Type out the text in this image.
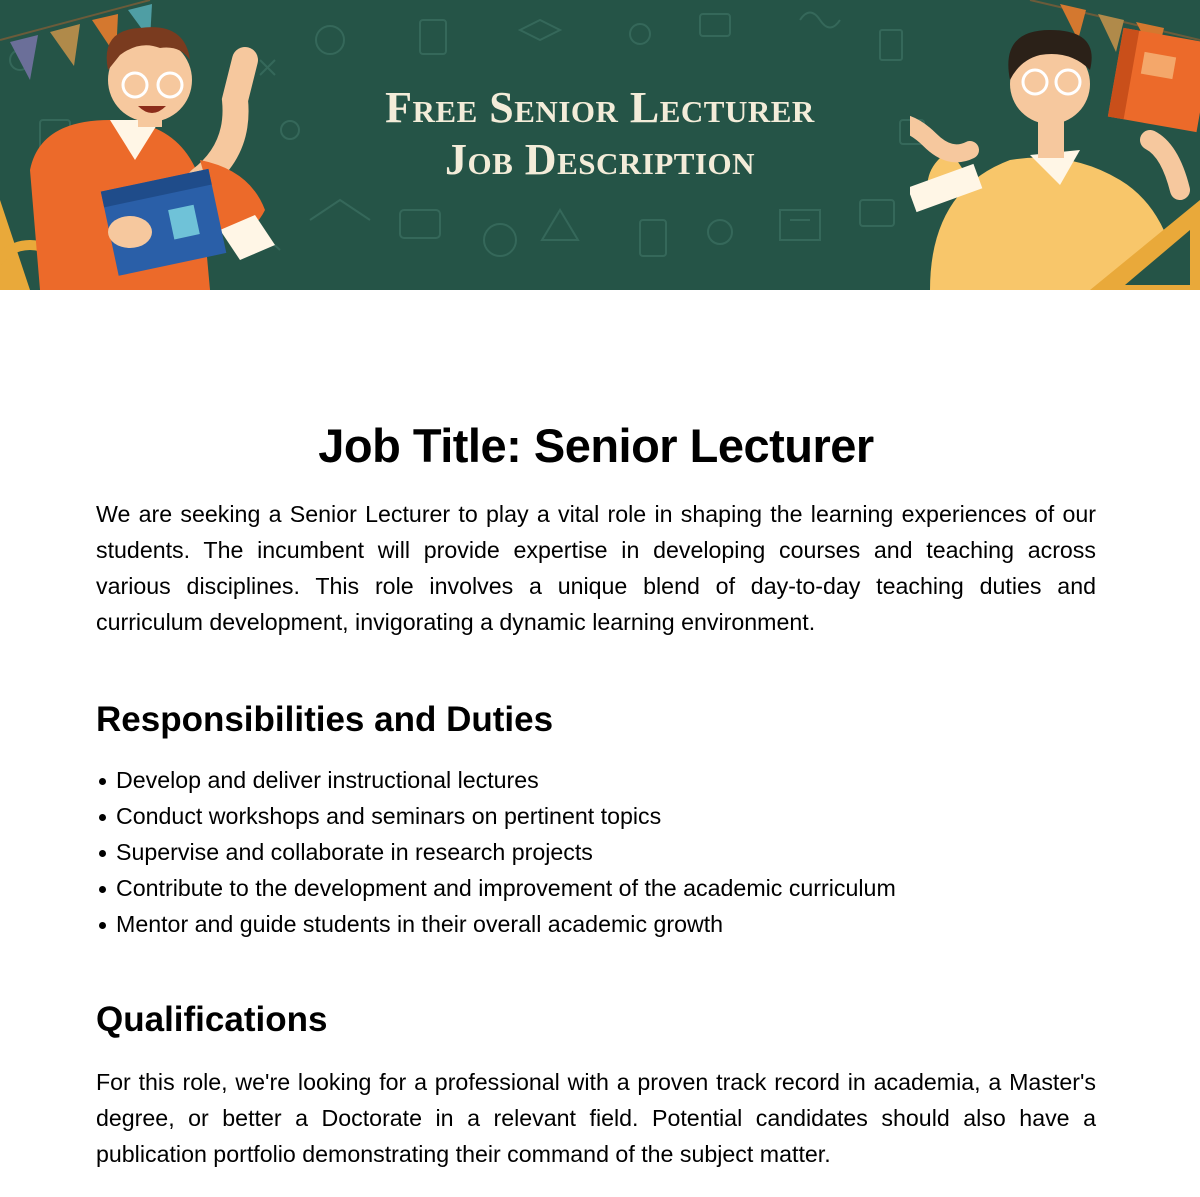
Free Senior Lecturer
Job Description
Job Title: Senior Lecturer

We are seeking a Senior Lecturer to play a vital role in shaping the learning experiences of our students. The incumbent will provide expertise in developing courses and teaching across various disciplines. This role involves a unique blend of day-to-day teaching duties and curriculum development, invigorating a dynamic learning environment.

Responsibilities and Duties
Develop and deliver instructional lectures
Conduct workshops and seminars on pertinent topics
Supervise and collaborate in research projects
Contribute to the development and improvement of the academic curriculum
Mentor and guide students in their overall academic growth
Qualifications

For this role, we're looking for a professional with a proven track record in academia, a Master's degree, or better a Doctorate in a relevant field. Potential candidates should also have a publication portfolio demonstrating their command of the subject matter.
